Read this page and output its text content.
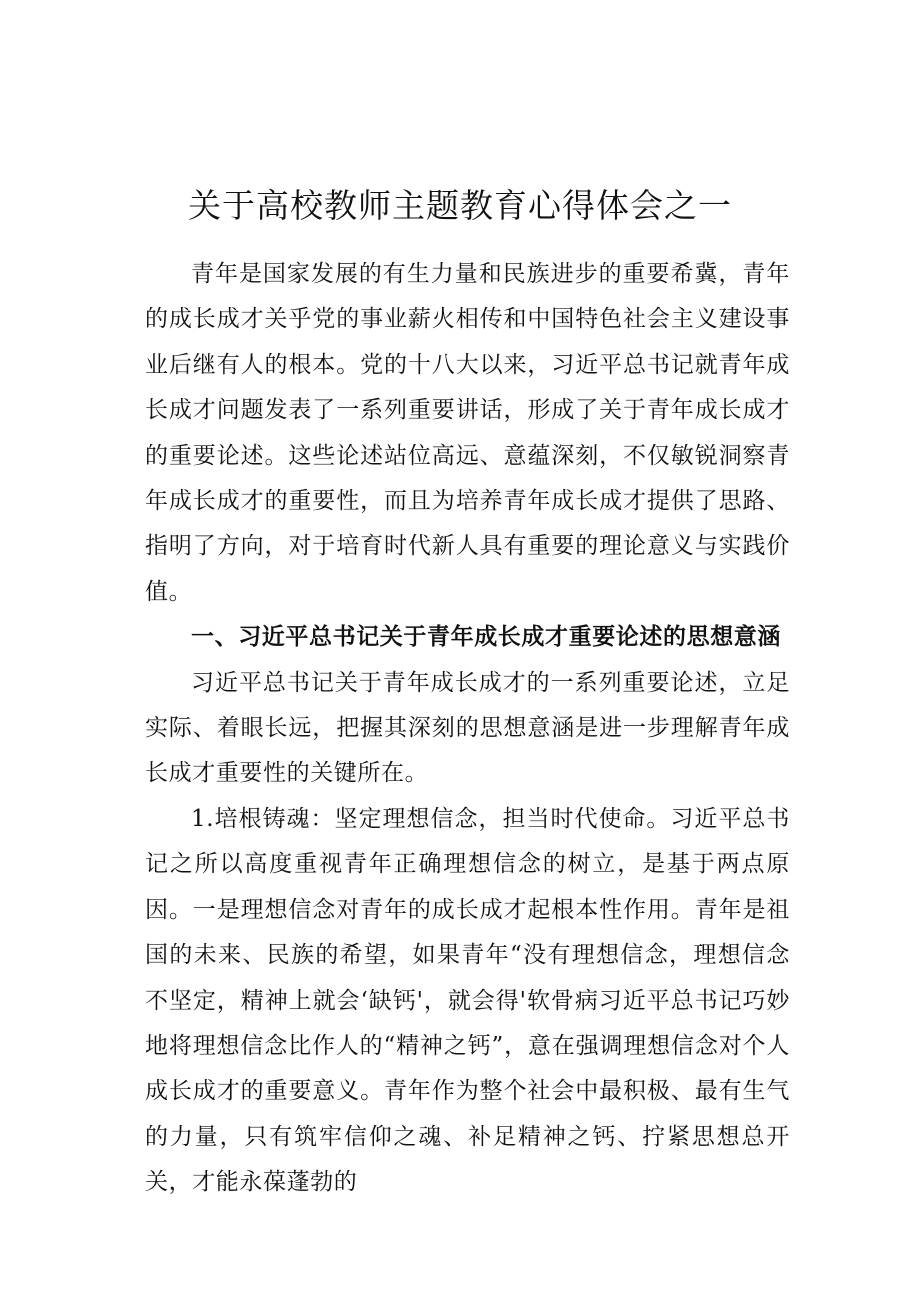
关于高校教师主题教育心得体会之一

青年是国家发展的有生力量和民族进步的重要希冀，青年的成长成才关乎党的事业薪火相传和中国特色社会主义建设事业后继有人的根本。党的十八大以来，习近平总书记就青年成长成才问题发表了一系列重要讲话，形成了关于青年成长成才的重要论述。这些论述站位高远、意蕴深刻，不仅敏锐洞察青年成长成才的重要性，而且为培养青年成长成才提供了思路、指明了方向，对于培育时代新人具有重要的理论意义与实践价值。

一、习近平总书记关于青年成长成才重要论述的思想意涵

习近平总书记关于青年成长成才的一系列重要论述，立足实际、着眼长远，把握其深刻的思想意涵是进一步理解青年成长成才重要性的关键所在。

1.培根铸魂：坚定理想信念，担当时代使命。习近平总书记之所以高度重视青年正确理想信念的树立，是基于两点原因。一是理想信念对青年的成长成才起根本性作用。青年是祖国的未来、民族的希望，如果青年“没有理想信念，理想信念不坚定，精神上就会‘缺钙'，就会得'软骨病习近平总书记巧妙地将理想信念比作人的“精神之钙”，意在强调理想信念对个人成长成才的重要意义。青年作为整个社会中最积极、最有生气的力量，只有筑牢信仰之魂、补足精神之钙、拧紧思想总开关，才能永葆蓬勃的
